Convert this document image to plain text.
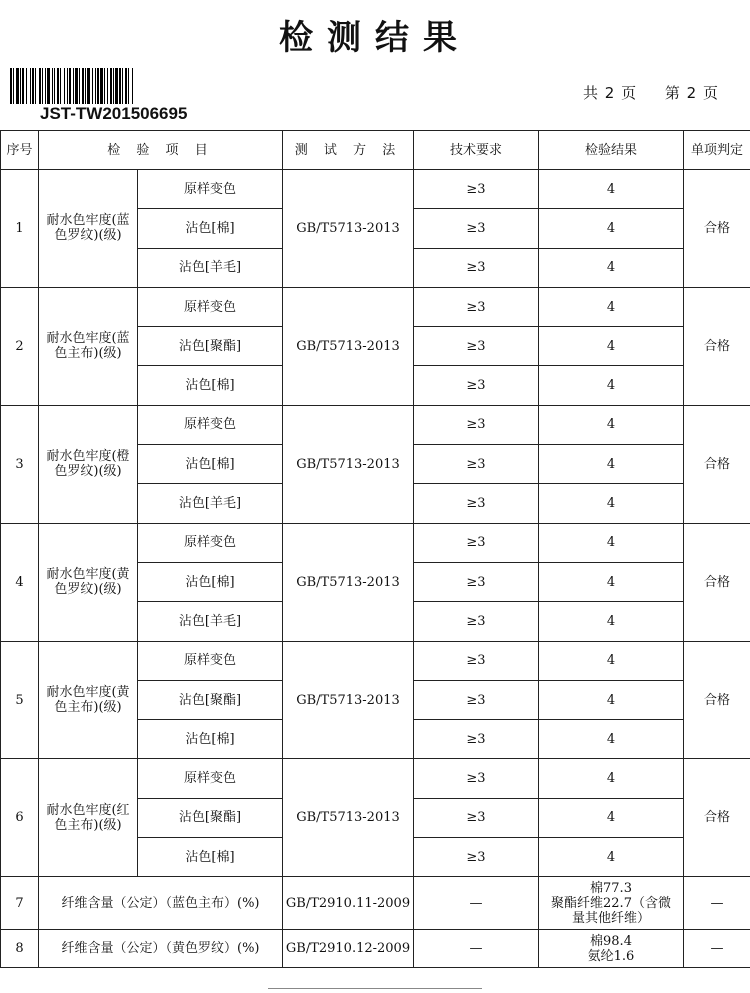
检测结果
JST-TW201506695
共 2 页 第 2 页
序号	检 验 项 目		测 试 方 法	技术要求	检验结果	单项判定
1	耐水色牢度(蓝色罗纹)(级)	原样变色	GB/T5713-2013	≥3	4	合格
		沾色[棉]		≥3	4	
		沾色[羊毛]		≥3	4	
2	耐水色牢度(蓝色主布)(级)	原样变色	GB/T5713-2013	≥3	4	合格
		沾色[聚酯]		≥3	4	
		沾色[棉]		≥3	4	
3	耐水色牢度(橙色罗纹)(级)	原样变色	GB/T5713-2013	≥3	4	合格
		沾色[棉]		≥3	4	
		沾色[羊毛]		≥3	4	
4	耐水色牢度(黄色罗纹)(级)	原样变色	GB/T5713-2013	≥3	4	合格
		沾色[棉]		≥3	4	
		沾色[羊毛]		≥3	4	
5	耐水色牢度(黄色主布)(级)	原样变色	GB/T5713-2013	≥3	4	合格
		沾色[聚酯]		≥3	4	
		沾色[棉]		≥3	4	
6	耐水色牢度(红色主布)(级)	原样变色	GB/T5713-2013	≥3	4	合格
		沾色[聚酯]		≥3	4	
		沾色[棉]		≥3	4	
7	纤维含量（公定）（蓝色主布）(%)		GB/T2910.11-2009	—	棉77.3
聚酯纤维22.7（含微
量其他纤维）	—
8	纤维含量（公定）（黄色罗纹）(%)		GB/T2910.12-2009	—	棉98.4
氨纶1.6	—
